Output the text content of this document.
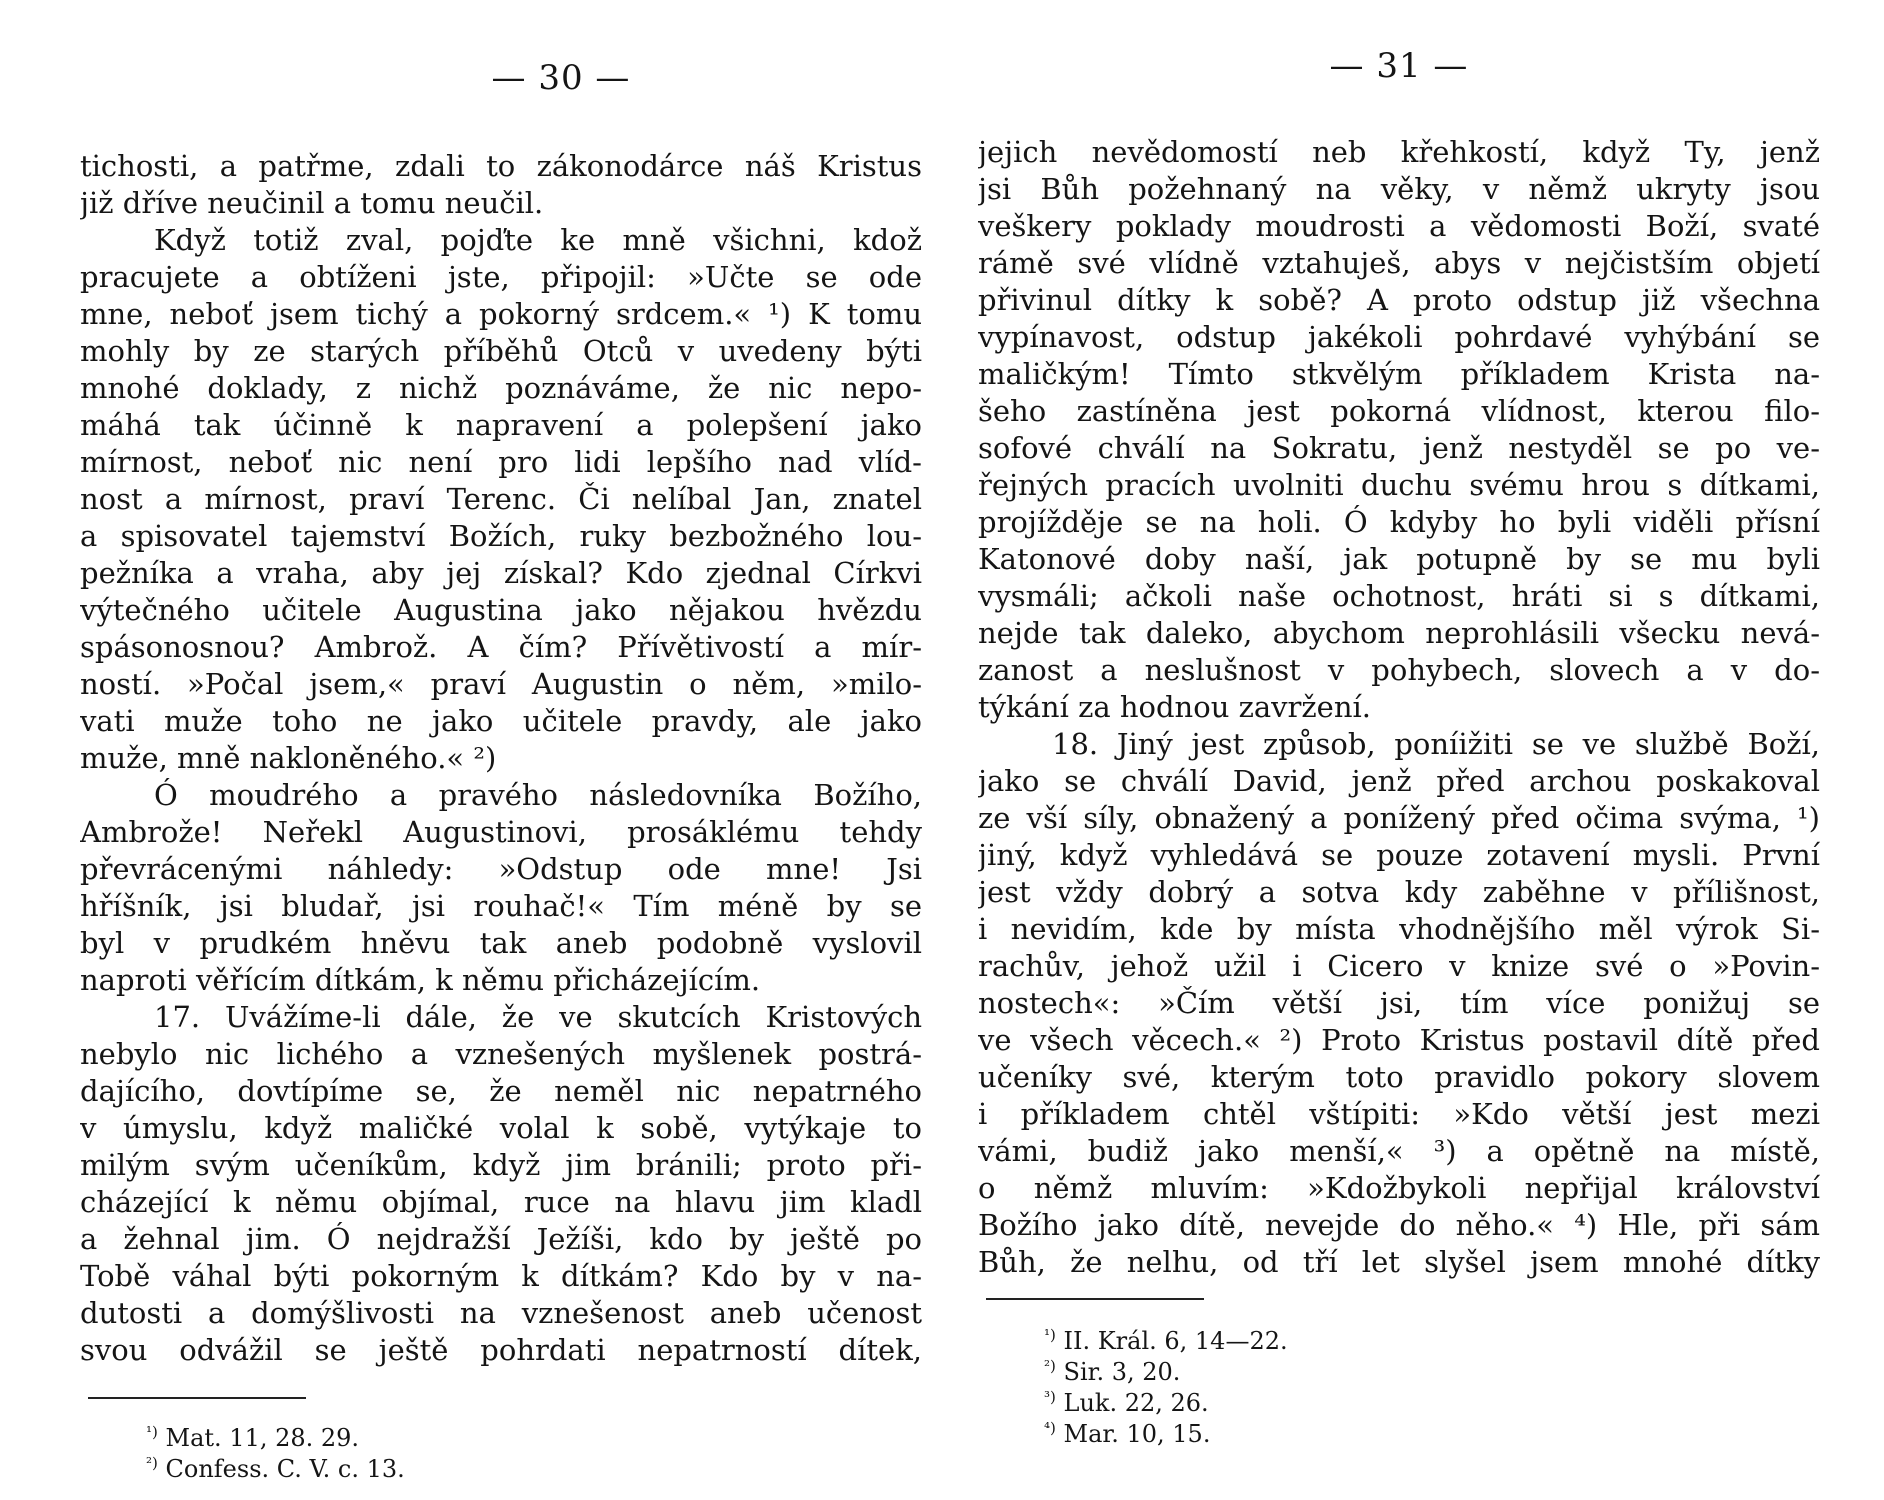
— 30 —
tichosti, a patřme, zdali to zákonodárce náš Kristus
již dříve neučinil a tomu neučil.
Když totiž zval, pojďte ke mně všichni, kdož
pracujete a obtíženi jste, připojil: »Učte se ode
mne, neboť jsem tichý a pokorný srdcem.« ¹) K tomu
mohly by ze starých příběhů Otců v uvedeny býti
mnohé doklady, z nichž poznáváme, že nic nepo-
máhá tak účinně k napravení a polepšení jako
mírnost, neboť nic není pro lidi lepšího nad vlíd-
nost a mírnost, praví Terenc. Či nelíbal Jan, znatel
a spisovatel tajemství Božích, ruky bezbožného lou-
pežníka a vraha, aby jej získal? Kdo zjednal Církvi
výtečného učitele Augustina jako nějakou hvězdu
spásonosnou? Ambrož. A čím? Přívětivostí a mír-
ností. »Počal jsem,« praví Augustin o něm, »milo-
vati muže toho ne jako učitele pravdy, ale jako
muže, mně nakloněného.« ²)
Ó moudrého a pravého následovníka Božího,
Ambrože! Neřekl Augustinovi, prosáklému tehdy
převrácenými náhledy: »Odstup ode mne! Jsi
hříšník, jsi bludař, jsi rouhač!« Tím méně by se
byl v prudkém hněvu tak aneb podobně vyslovil
naproti věřícím dítkám, k němu přicházejícím.
17. Uvážíme-li dále, že ve skutcích Kristových
nebylo nic lichého a vznešených myšlenek postrá-
dajícího, dovtípíme se, že neměl nic nepatrného
v úmyslu, když maličké volal k sobě, vytýkaje to
milým svým učeníkům, když jim bránili; proto při-
cházející k němu objímal, ruce na hlavu jim kladl
a žehnal jim. Ó nejdražší Ježíši, kdo by ještě po
Tobě váhal býti pokorným k dítkám? Kdo by v na-
dutosti a domýšlivosti na vznešenost aneb učenost
svou odvážil se ještě pohrdati nepatrností dítek,
$^{^1)}$ Mat. 11, 28. 29.
$^{^2)}$ Confess. C. V. c. 13.
— 31 —
jejich nevědomostí neb křehkostí, když Ty, jenž
jsi Bůh požehnaný na věky, v němž ukryty jsou
veškery poklady moudrosti a vědomosti Boží, svaté
rámě své vlídně vztahuješ, abys v nejčistším objetí
přivinul dítky k sobě? A proto odstup již všechna
vypínavost, odstup jakékoli pohrdavé vyhýbání se
maličkým! Tímto stkvělým příkladem Krista na-
šeho zastíněna jest pokorná vlídnost, kterou filo-
sofové chválí na Sokratu, jenž nestyděl se po ve-
řejných pracích uvolniti duchu svému hrou s dítkami,
projížděje se na holi. Ó kdyby ho byli viděli přísní
Katonové doby naší, jak potupně by se mu byli
vysmáli; ačkoli naše ochotnost, hráti si s dítkami,
nejde tak daleko, abychom neprohlásili všecku nevá-
zanost a neslušnost v pohybech, slovech a v do-
týkání za hodnou zavržení.
18. Jiný jest způsob, poníižiti se ve službě Boží,
jako se chválí David, jenž před archou poskakoval
ze vší síly, obnažený a ponížený před očima svýma, ¹)
jiný, když vyhledává se pouze zotavení mysli. První
jest vždy dobrý a sotva kdy zaběhne v přílišnost,
i nevidím, kde by místa vhodnějšího měl výrok Si-
rachův, jehož užil i Cicero v knize své o »Povin-
nostech«: »Čím větší jsi, tím více ponižuj se
ve všech věcech.« ²) Proto Kristus postavil dítě před
učeníky své, kterým toto pravidlo pokory slovem
i příkladem chtěl vštípiti: »Kdo větší jest mezi
vámi, budiž jako menší,« ³) a opětně na místě,
o němž mluvím: »Kdožbykoli nepřijal království
Božího jako dítě, nevejde do něho.« ⁴) Hle, při sám
Bůh, že nelhu, od tří let slyšel jsem mnohé dítky
$^{^1)}$ II. Král. 6, 14—22.
$^{^2)}$ Sir. 3, 20.
$^{^3)}$ Luk. 22, 26.
$^{^4)}$ Mar. 10, 15.
